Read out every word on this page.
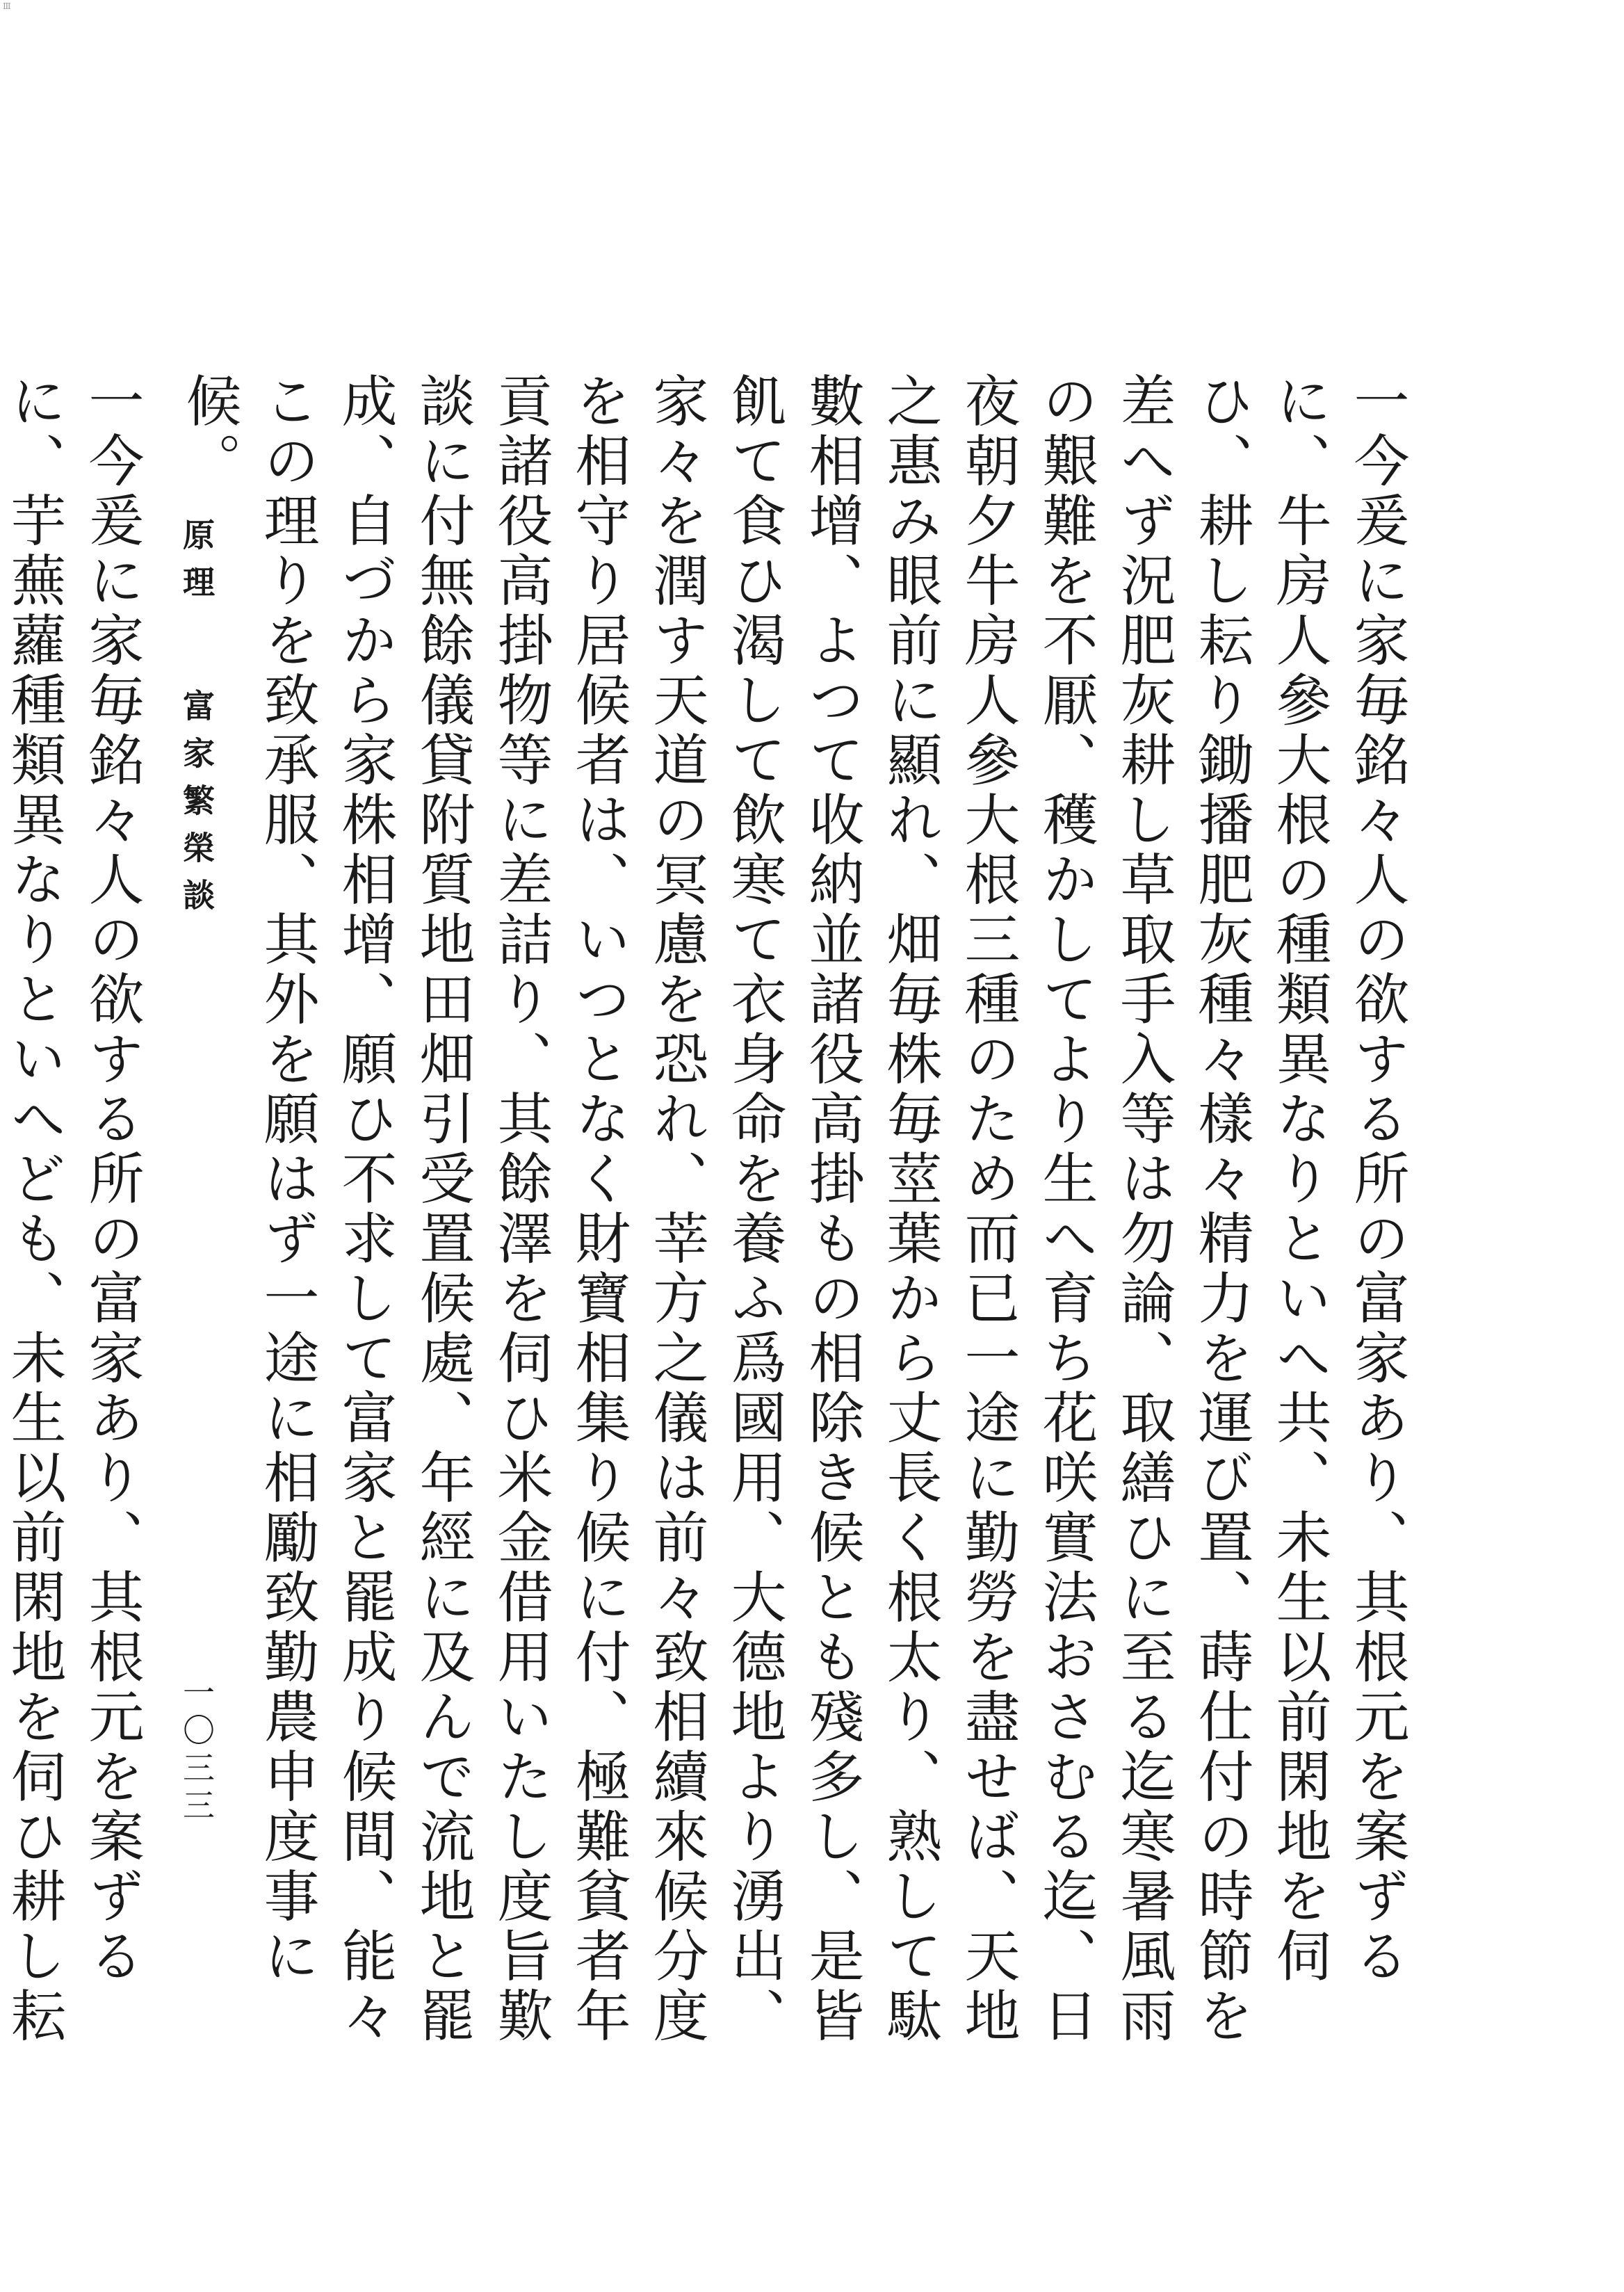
Ⅲ

一今爰に家毎銘々人の欲する所の富家あり、其根元を案ずるに、牛房人參大根の種類異なりといへ共、未生以前閑地を伺ひ、耕し耘り鋤播肥灰種々樣々精力を運び置、蒔仕付の時節を差へず況肥灰耕し草取手入等は勿論、取繕ひに至る迄寒暑風雨の艱難を不厭、穫かしてより生へ育ち花咲實法おさむる迄、日夜朝夕牛房人參大根三種のため而已一途に勤勞を盡せば、天地之惠み眼前に顯れ、畑毎株毎莖葉から丈長く根太り、熟して駄數相增、よつて收納並諸役高掛もの相除き候とも殘多し、是皆飢て食ひ渴して飲寒て衣身命を養ふ爲國用、大德地より湧出、家々を潤す天道の冥慮を恐れ、莘方之儀は前々致相續來候分度を相守り居候者は、いつとなく財寶相集り候に付、極難貧者年貢諸役高掛物等に差詰り、其餘澤を伺ひ米金借用いたし度旨歎談に付無餘儀貸附質地田畑引受置候處、年經に及んで流地と罷成、自づから家株相增、願ひ不求して富家と罷成り候間、能々この理りを致承服、其外を願はず一途に相勵致勤農申度事に候。

一今爰に家毎銘々人の欲する所の富家あり、其根元を案ずるに、芋蕪蘿種類異なりといへども、未生以前閑地を伺ひ耕し耘

原理富家繁榮談
一〇三三
